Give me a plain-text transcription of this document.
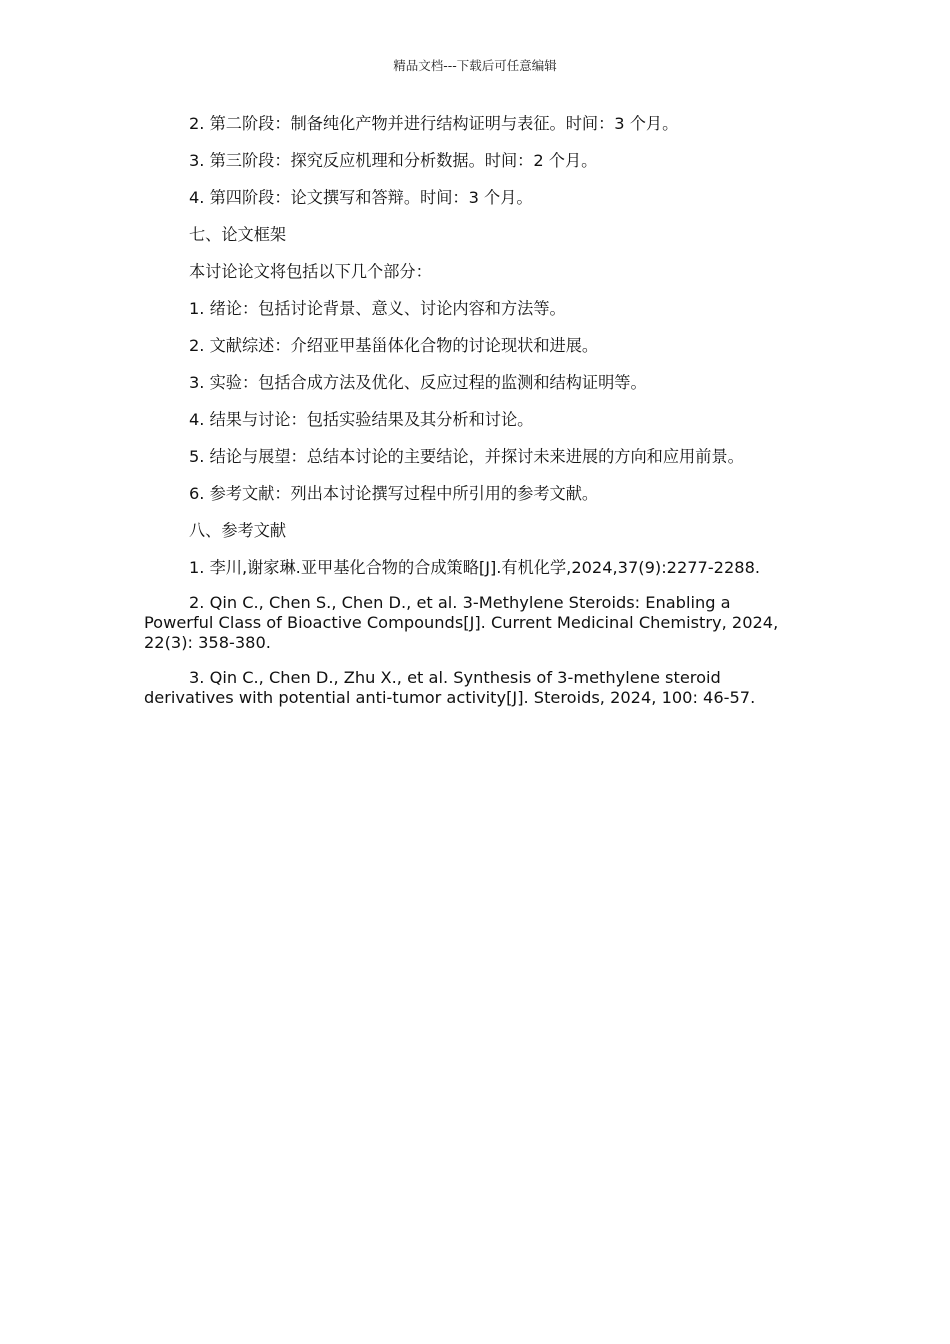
精品文档---下载后可任意编辑

2. 第二阶段：制备纯化产物并进行结构证明与表征。时间：3 个月。

3. 第三阶段：探究反应机理和分析数据。时间：2 个月。

4. 第四阶段：论文撰写和答辩。时间：3 个月。

七、论文框架

本讨论论文将包括以下几个部分：

1. 绪论：包括讨论背景、意义、讨论内容和方法等。

2. 文献综述：介绍亚甲基甾体化合物的讨论现状和进展。

3. 实验：包括合成方法及优化、反应过程的监测和结构证明等。

4. 结果与讨论：包括实验结果及其分析和讨论。

5. 结论与展望：总结本讨论的主要结论，并探讨未来进展的方向和应用前景。

6. 参考文献：列出本讨论撰写过程中所引用的参考文献。

八、参考文献

1. 李川,谢家琳.亚甲基化合物的合成策略[J].有机化学,2024,37(9):2277-2288.

2. Qin C., Chen S., Chen D., et al. 3-Methylene Steroids: Enabling a Powerful Class of Bioactive Compounds[J]. Current Medicinal Chemistry, 2024, 22(3): 358-380.

3. Qin C., Chen D., Zhu X., et al. Synthesis of 3-methylene steroid derivatives with potential anti-tumor activity[J]. Steroids, 2024, 100: 46-57.
